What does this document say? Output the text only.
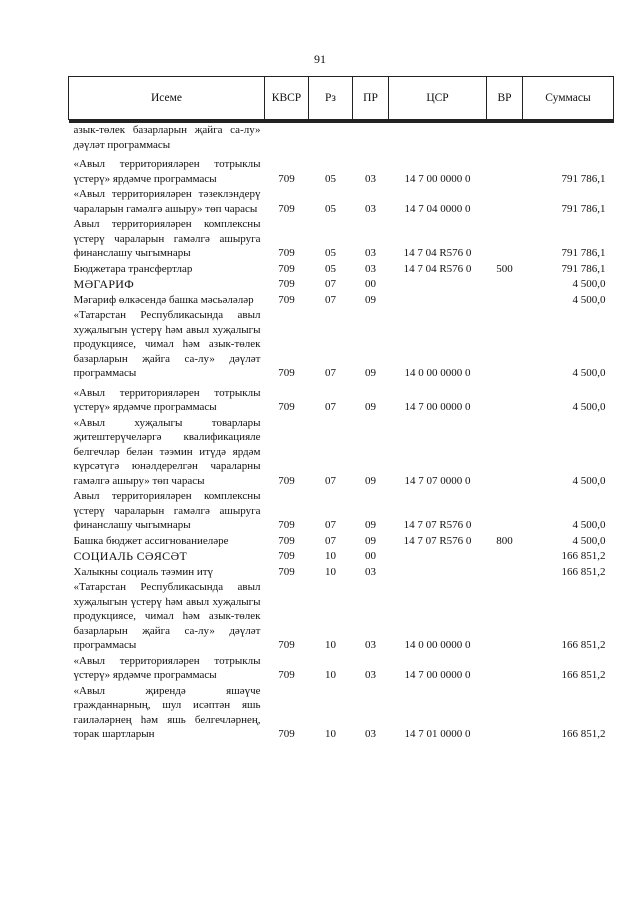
91
Исеме	КВСР	Рз	ПР	ЦСР	ВР	Суммасы

азык-төлек базарларын җайга са-лу» дәүләт программасы						
«Авыл территорияләрен тотрыклы үстерү» ярдәмче программасы	709	05	03	14 7 00 0000 0		791 786,1
«Авыл территорияләрен тәзеклэндерү чараларын гамәлгә ашыру» төп чарасы	709	05	03	14 7 04 0000 0		791 786,1
Авыл территорияләрен комплексны үстерү чараларын гамәлгә ашыруга финанслашу чыгымнары	709	05	03	14 7 04 R576 0		791 786,1
Бюджетара трансфертлар	709	05	03	14 7 04 R576 0	500	791 786,1
МӘГАРИФ	709	07	00			4 500,0
Мәгариф өлкәсендә башка мәсьәләләр	709	07	09			4 500,0
«Татарстан Республикасында авыл хуҗалыгын үстерү һәм авыл хуҗалыгы продукциясе, чимал һәм азык-төлек базарларын җайга са-лу» дәүләт программасы	709	07	09	14 0 00 0000 0		4 500,0
«Авыл территорияләрен тотрыклы үстерү» ярдәмче программасы	709	07	09	14 7 00 0000 0		4 500,0
«Авыл хуҗалыгы товарлары җитештерүчеләргә квалификацияле белгечләр белән тәэмин итүдә ярдәм күрсәтүгә юнәлдерелгән чараларны гамәлгә ашыру» төп чарасы	709	07	09	14 7 07 0000 0		4 500,0
Авыл территорияләрен комплексны үстерү чараларын гамәлгә ашыруга финанслашу чыгымнары	709	07	09	14 7 07 R576 0		4 500,0
Башка бюджет ассигнованиеләре	709	07	09	14 7 07 R576 0	800	4 500,0
СОЦИАЛЬ СӘЯСӘТ	709	10	00			166 851,2
Халыкны социаль тәэмин итү	709	10	03			166 851,2
«Татарстан Республикасында авыл хуҗалыгын үстерү һәм авыл хуҗалыгы продукциясе, чимал һәм азык-төлек базарларын җайга са-лу» дәүләт программасы	709	10	03	14 0 00 0000 0		166 851,2
«Авыл территорияләрен тотрыклы үстерү» ярдәмче программасы	709	10	03	14 7 00 0000 0		166 851,2
«Авыл җирендә яшәүче гражданнарның, шул исәптән яшь гаиләләрнең һәм яшь белгечләрнең, торак шартларын	709	10	03	14 7 01 0000 0		166 851,2
